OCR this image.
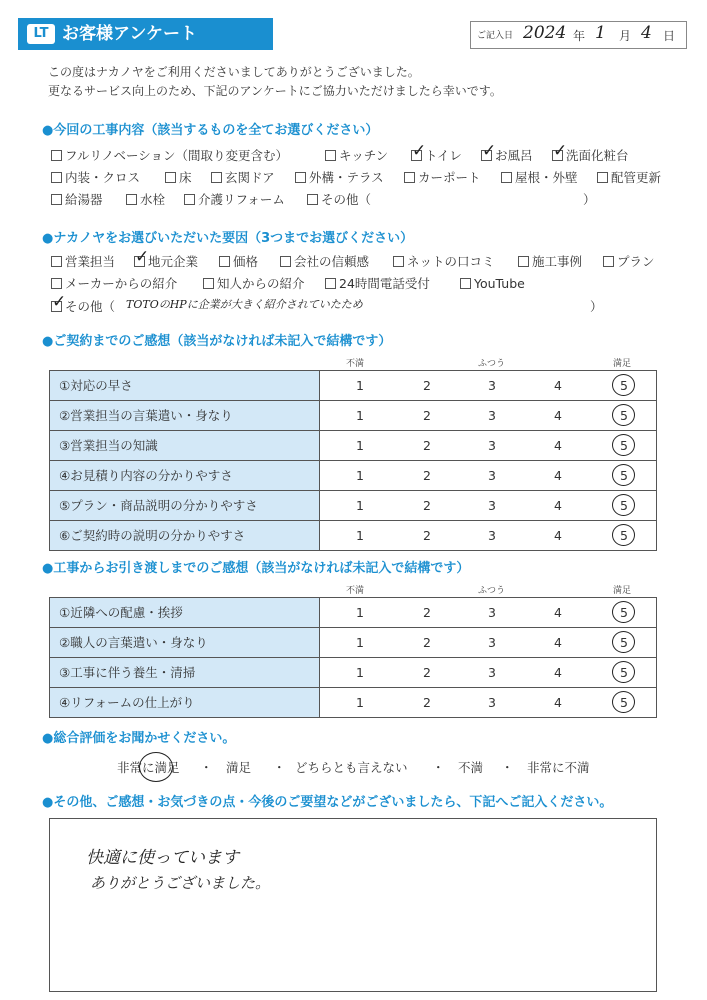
LT お客様アンケート	ご記入日 2024 年 1 月 4 日
この度はナカノヤをご利用くださいましてありがとうございました。
更なるサービス向上のため、下記のアンケートにご協力いただけましたら幸いです。
●今回の工事内容（該当するものを全てお選びください）
フルリノベーション（間取り変更含む）	キッチン ✓
トイレ ✓
お風呂 ✓
洗面化粧台
内装・クロス	床	玄関ドア	外構・テラス	カーポート	屋根・外壁	配管更新
給湯器	水栓	介護リフォーム	その他（	）
●ナカノヤをお選びいただいた要因（3つまでお選びください）
営業担当 ✓
地元企業	価格	会社の信頼感	ネットの口コミ	施工事例	プラン
メーカーからの紹介	知人からの紹介	24時間電話受付	YouTube
✓
その他（ TOTOのHPに企業が大きく紹介されていたため	）
●ご契約までのご感想（該当がなければ未記入で結構です）
不満	ふつう	満足
①対応の早さ	1	2	3	4	5
②営業担当の言葉遣い・身なり	1	2	3	4	5
③営業担当の知識	1	2	3	4	5
④お見積り内容の分かりやすさ	1	2	3	4	5
⑤プラン・商品説明の分かりやすさ	1	2	3	4	5
⑥ご契約時の説明の分かりやすさ	1	2	3	4	5
●工事からお引き渡しまでのご感想（該当がなければ未記入で結構です）
不満	ふつう	満足
①近隣への配慮・挨拶	1	2	3	4	5
②職人の言葉遣い・身なり	1	2	3	4	5
③工事に伴う養生・清掃	1	2	3	4	5
④リフォームの仕上がり	1	2	3	4	5
●総合評価をお聞かせください。
非常に満足	満足	どちらとも言えない	不満	非常に不満
・	・	・	・
●その他、ご感想・お気づきの点・今後のご要望などがございましたら、下記へご記入ください。
快適に使っています
ありがとうございました。
